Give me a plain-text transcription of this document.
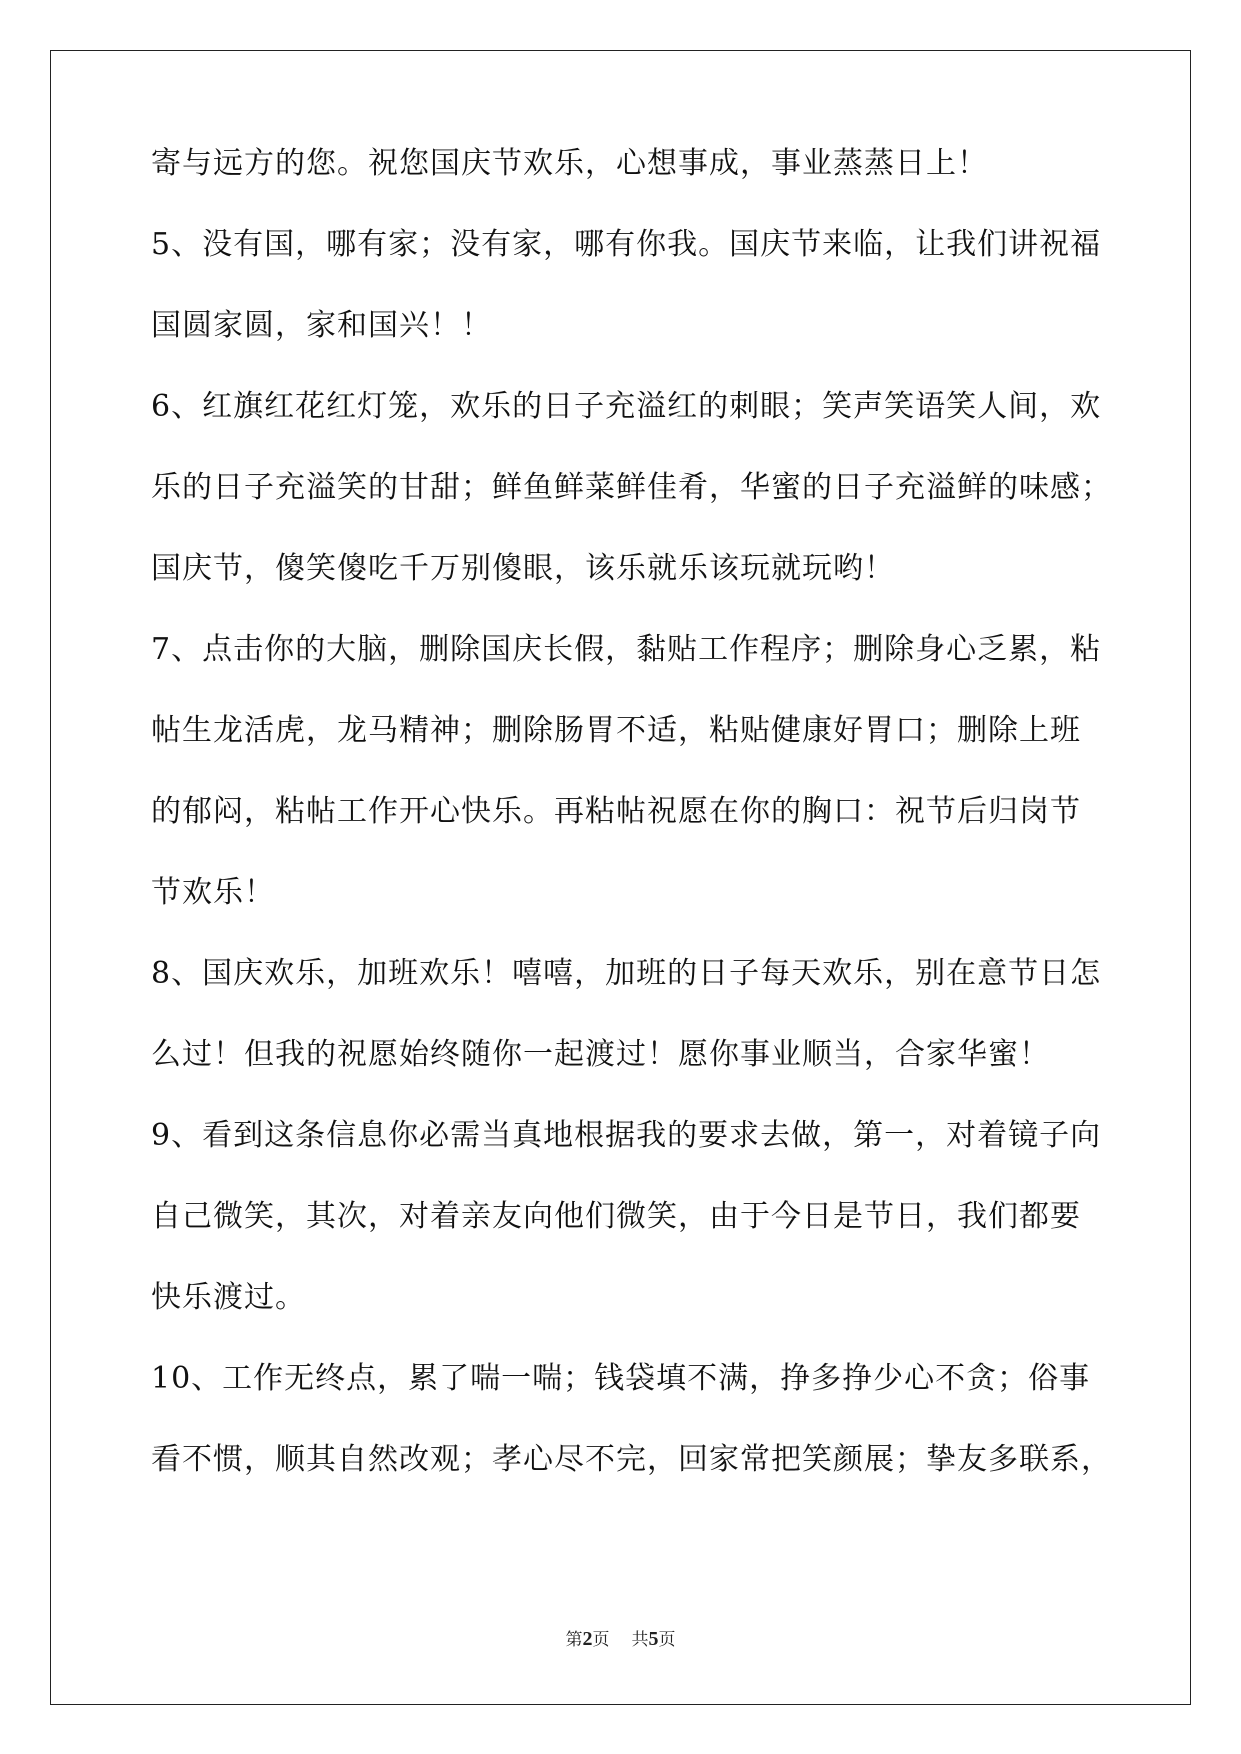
寄与远方的您。祝您国庆节欢乐，心想事成，事业蒸蒸日上！
5、没有国，哪有家；没有家，哪有你我。国庆节来临，让我们讲祝福
国圆家圆，家和国兴！！
6、红旗红花红灯笼，欢乐的日子充溢红的刺眼；笑声笑语笑人间，欢
乐的日子充溢笑的甘甜；鲜鱼鲜菜鲜佳肴，华蜜的日子充溢鲜的味感；
国庆节，傻笑傻吃千万别傻眼，该乐就乐该玩就玩哟！
7、点击你的大脑，删除国庆长假，黏贴工作程序；删除身心乏累，粘
帖生龙活虎，龙马精神；删除肠胃不适，粘贴健康好胃口；删除上班
的郁闷，粘帖工作开心快乐。再粘帖祝愿在你的胸口：祝节后归岗节
节欢乐！
8、国庆欢乐，加班欢乐！嘻嘻，加班的日子每天欢乐，别在意节日怎
么过！但我的祝愿始终随你一起渡过！愿你事业顺当，合家华蜜！
9、看到这条信息你必需当真地根据我的要求去做，第一，对着镜子向
自己微笑，其次，对着亲友向他们微笑，由于今日是节日，我们都要
快乐渡过。
10、工作无终点，累了喘一喘；钱袋填不满，挣多挣少心不贪；俗事
看不惯，顺其自然改观；孝心尽不完，回家常把笑颜展；挚友多联系，
第2页 共5页
